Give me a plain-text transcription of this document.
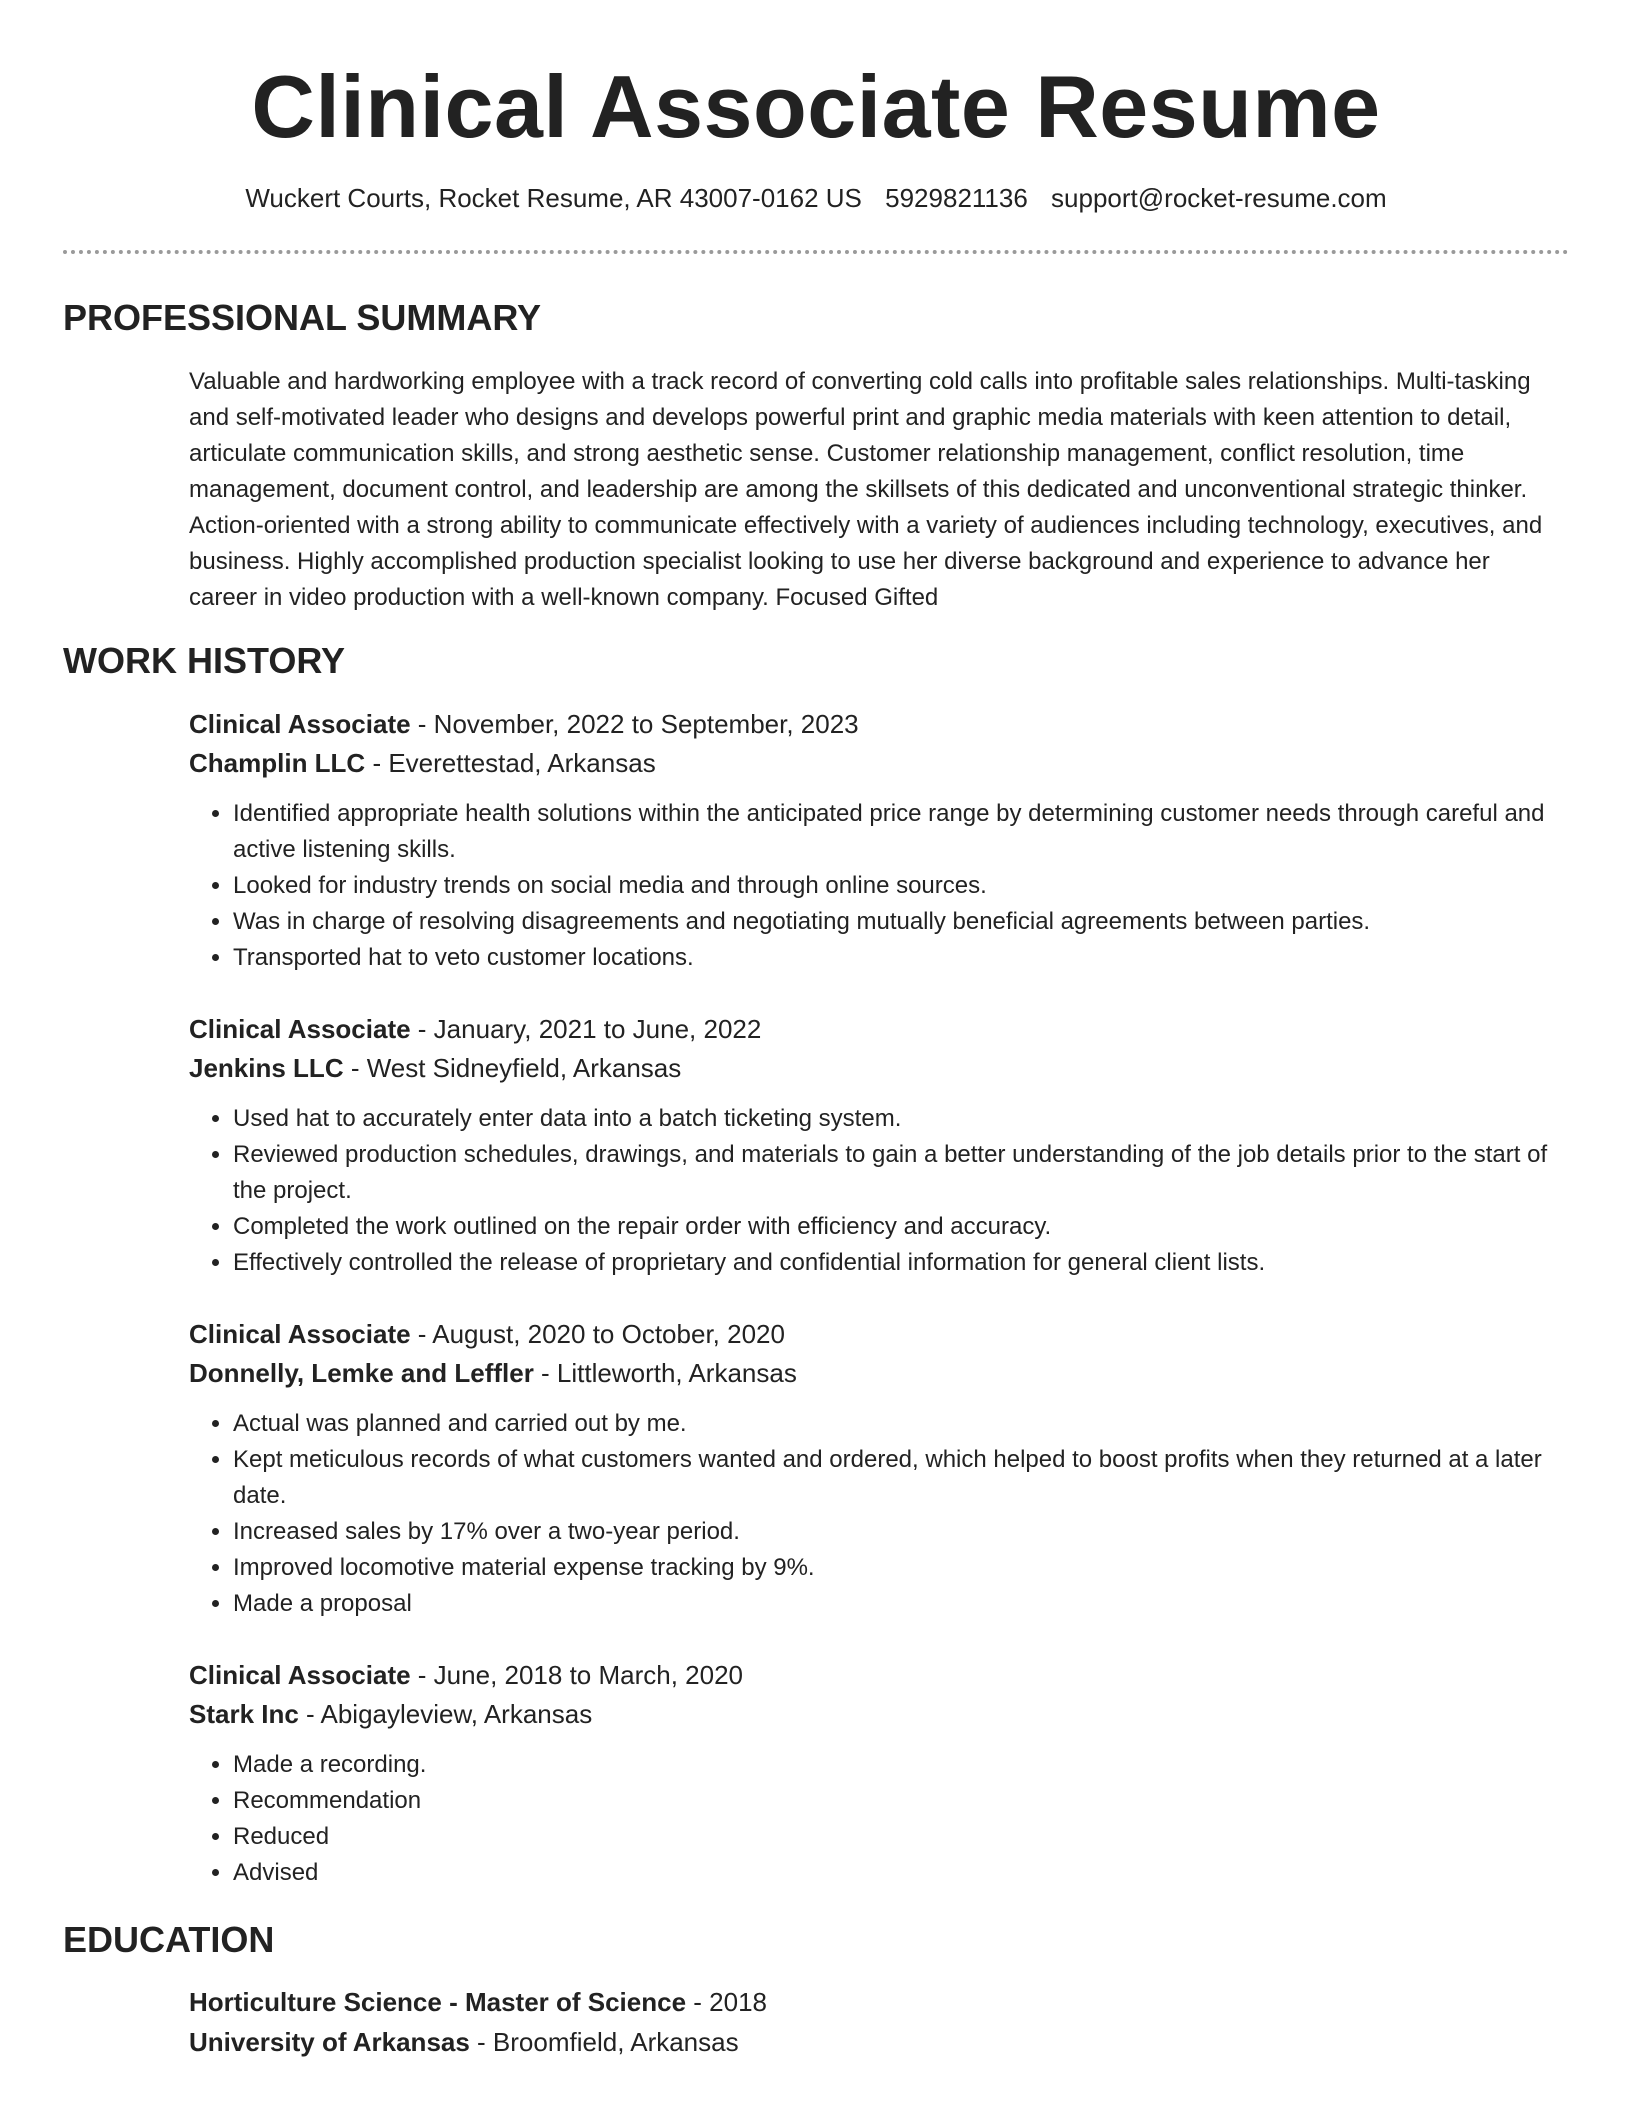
Clinical Associate Resume
Wuckert Courts, Rocket Resume, AR 43007-0162 US 5929821136 support@rocket-resume.com
PROFESSIONAL SUMMARY

Valuable and hardworking employee with a track record of converting cold calls into profitable sales relationships. Multi-tasking and self-motivated leader who designs and develops powerful print and graphic media materials with keen attention to detail, articulate communication skills, and strong aesthetic sense. Customer relationship management, conflict resolution, time management, document control, and leadership are among the skillsets of this dedicated and unconventional strategic thinker. Action-oriented with a strong ability to communicate effectively with a variety of audiences including technology, executives, and business. Highly accomplished production specialist looking to use her diverse background and experience to advance her career in video production with a well-known company. Focused Gifted

WORK HISTORY
Clinical Associate - November, 2022 to September, 2023
Champlin LLC - Everettestad, Arkansas
• Identified appropriate health solutions within the anticipated price range by determining customer needs through careful and active listening skills.
• Looked for industry trends on social media and through online sources.
• Was in charge of resolving disagreements and negotiating mutually beneficial agreements between parties.
• Transported hat to veto customer locations.
Clinical Associate - January, 2021 to June, 2022
Jenkins LLC - West Sidneyfield, Arkansas
• Used hat to accurately enter data into a batch ticketing system.
• Reviewed production schedules, drawings, and materials to gain a better understanding of the job details prior to the start of the project.
• Completed the work outlined on the repair order with efficiency and accuracy.
• Effectively controlled the release of proprietary and confidential information for general client lists.
Clinical Associate - August, 2020 to October, 2020
Donnelly, Lemke and Leffler - Littleworth, Arkansas
• Actual was planned and carried out by me.
• Kept meticulous records of what customers wanted and ordered, which helped to boost profits when they returned at a later date.
• Increased sales by 17% over a two-year period.
• Improved locomotive material expense tracking by 9%.
• Made a proposal
Clinical Associate - June, 2018 to March, 2020
Stark Inc - Abigayleview, Arkansas
• Made a recording.
• Recommendation
• Reduced
• Advised
EDUCATION
Horticulture Science - Master of Science - 2018
University of Arkansas - Broomfield, Arkansas
